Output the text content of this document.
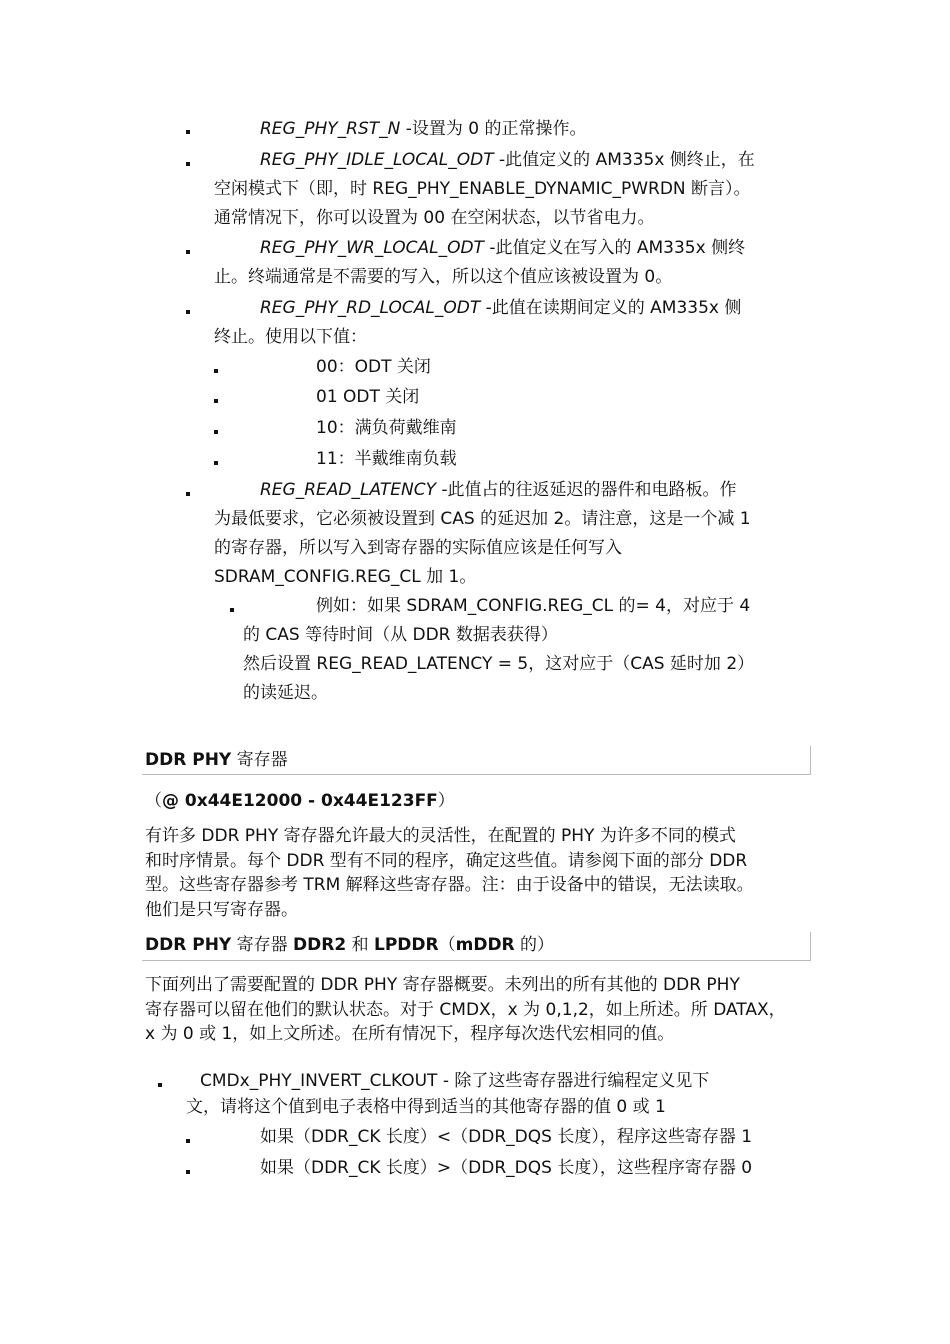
REG_PHY_RST_N -设置为 0 的正常操作。
REG_PHY_IDLE_LOCAL_ODT -此值定义的 AM335x 侧终止，在
空闲模式下（即，时 REG_PHY_ENABLE_DYNAMIC_PWRDN 断言）。
通常情况下，你可以设置为 00 在空闲状态，以节省电力。
REG_PHY_WR_LOCAL_ODT -此值定义在写入的 AM335x 侧终
止。终端通常是不需要的写入，所以这个值应该被设置为 0。
REG_PHY_RD_LOCAL_ODT -此值在读期间定义的 AM335x 侧
终止。使用以下值：
00：ODT 关闭
01 ODT 关闭
10：满负荷戴维南
11：半戴维南负载
REG_READ_LATENCY -此值占的往返延迟的器件和电路板。作
为最低要求，它必须被设置到 CAS 的延迟加 2。请注意，这是一个减 1
的寄存器，所以写入到寄存器的实际值应该是任何写入
SDRAM_CONFIG.REG_CL 加 1。
例如：如果 SDRAM_CONFIG.REG_CL 的= 4，对应于 4
的 CAS 等待时间（从 DDR 数据表获得）
然后设置 REG_READ_LATENCY = 5，这对应于（CAS 延时加 2）
的读延迟。
DDR PHY 寄存器
（@ 0x44E12000 - 0x44E123FF）
有许多 DDR PHY 寄存器允许最大的灵活性，在配置的 PHY 为许多不同的模式
和时序情景。每个 DDR 型有不同的程序，确定这些值。请参阅下面的部分 DDR
型。这些寄存器参考 TRM 解释这些寄存器。注：由于设备中的错误，无法读取。
他们是只写寄存器。
DDR PHY 寄存器 DDR2 和 LPDDR（mDDR 的）
下面列出了需要配置的 DDR PHY 寄存器概要。未列出的所有其他的 DDR PHY
寄存器可以留在他们的默认状态。对于 CMDX，x 为 0,1,2，如上所述。所 DATAX，
x 为 0 或 1，如上文所述。在所有情况下，程序每次迭代宏相同的值。
CMDx_PHY_INVERT_CLKOUT - 除了这些寄存器进行编程定义见下
文，请将这个值到电子表格中得到适当的其他寄存器的值 0 或 1
如果（DDR_CK 长度）<（DDR_DQS 长度），程序这些寄存器 1
如果（DDR_CK 长度）>（DDR_DQS 长度），这些程序寄存器 0
